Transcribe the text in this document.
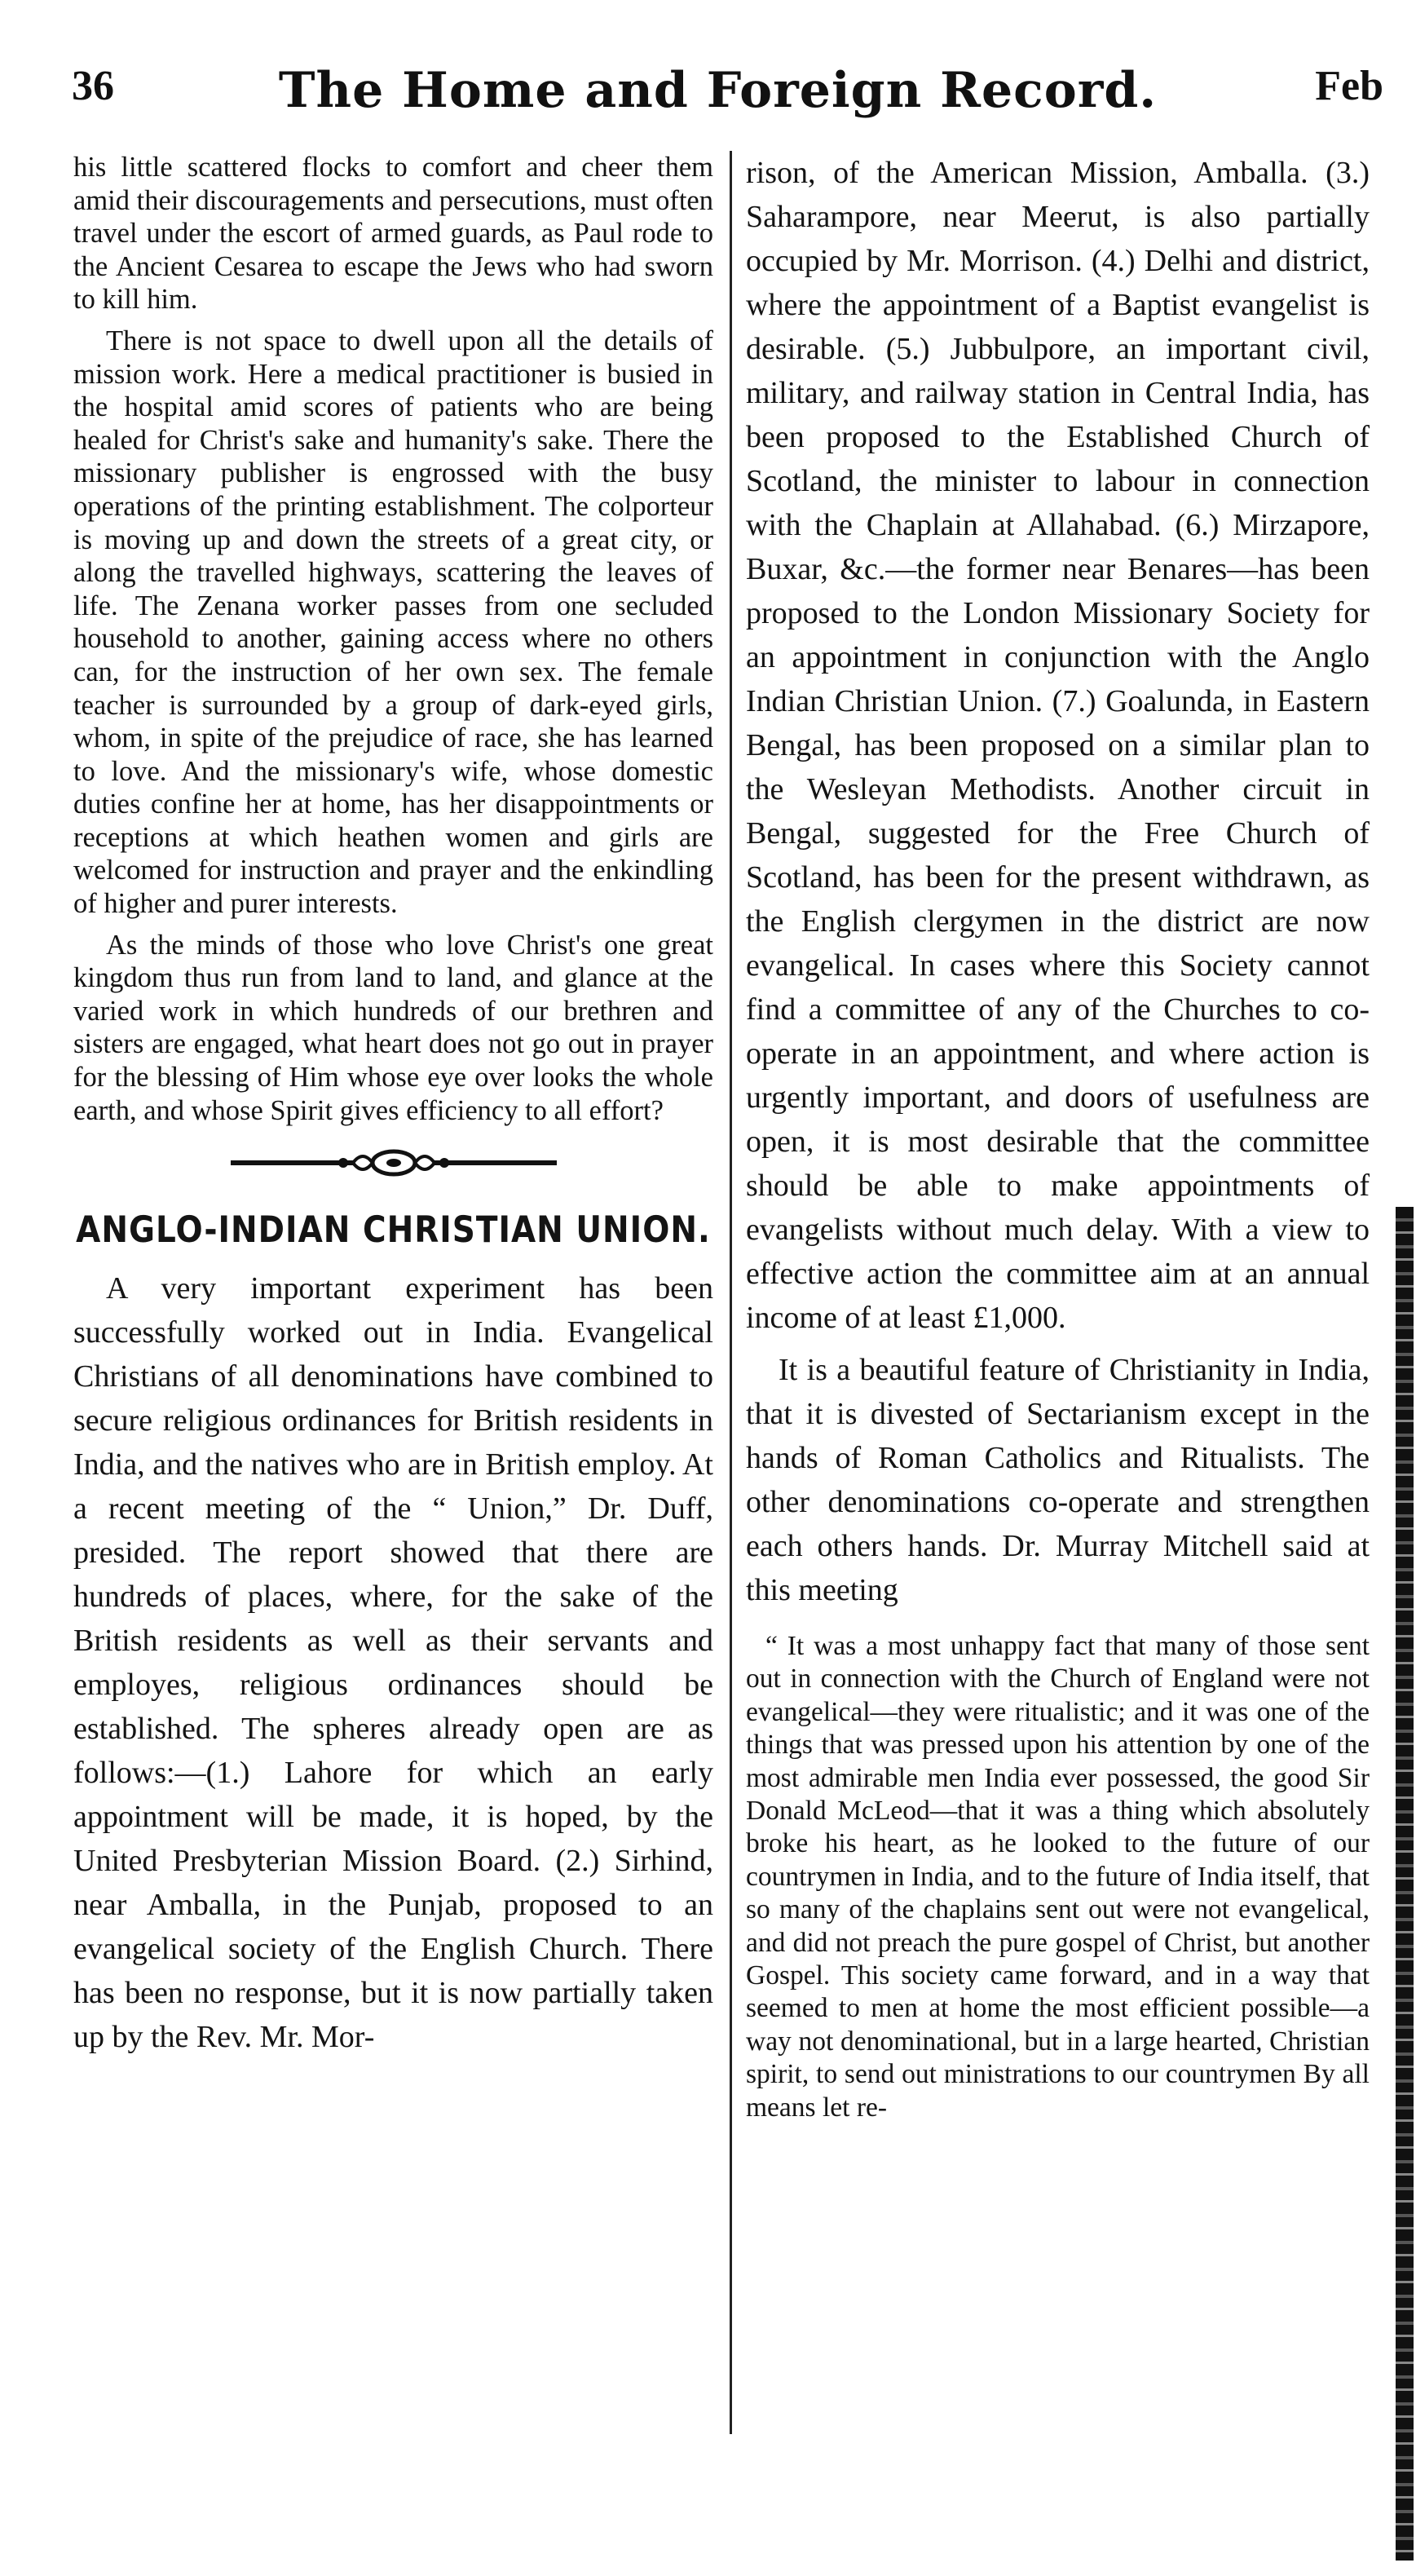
36	The Home and Foreign Record.	Feb

his little scattered flocks to comfort and cheer them amid their discouragements and persecutions, must often travel under the escort of armed guards, as Paul rode to the Ancient Cesarea to escape the Jews who had sworn to kill him.

There is not space to dwell upon all the details of mission work. Here a medical practitioner is busied in the hospital amid scores of patients who are being healed for Christ's sake and humanity's sake. There the missionary publisher is engrossed with the busy operations of the printing establishment. The colporteur is moving up and down the streets of a great city, or along the travelled highways, scattering the leaves of life. The Zenana worker passes from one secluded household to another, gaining access where no others can, for the instruction of her own sex. The female teacher is surrounded by a group of dark-eyed girls, whom, in spite of the prejudice of race, she has learned to love. And the missionary's wife, whose domestic duties confine her at home, has her disappointments or receptions at which heathen women and girls are welcomed for instruction and prayer and the enkindling of higher and purer interests.

As the minds of those who love Christ's one great kingdom thus run from land to land, and glance at the varied work in which hundreds of our brethren and sisters are engaged, what heart does not go out in prayer for the blessing of Him whose eye over looks the whole earth, and whose Spirit gives efficiency to all effort?

ANGLO-INDIAN CHRISTIAN UNION.

A very important experiment has been successfully worked out in India. Evangelical Christians of all denominations have combined to secure religious ordinances for British residents in India, and the natives who are in British employ. At a recent meeting of the “ Union,” Dr. Duff, presided. The report showed that there are hundreds of places, where, for the sake of the British residents as well as their servants and employes, religious ordinances should be established. The spheres already open are as follows:—(1.) Lahore for which an early appointment will be made, it is hoped, by the United Presbyterian Mission Board. (2.) Sirhind, near Amballa, in the Punjab, proposed to an evangelical society of the English Church. There has been no response, but it is now partially taken up by the Rev. Mr. Mor-

rison, of the American Mission, Amballa. (3.) Saharampore, near Meerut, is also partially occupied by Mr. Morrison. (4.) Delhi and district, where the appointment of a Baptist evangelist is desirable. (5.) Jubbulpore, an important civil, military, and railway station in Central India, has been proposed to the Established Church of Scotland, the minister to labour in connection with the Chaplain at Allahabad. (6.) Mirzapore, Buxar, &c.—the former near Benares—has been proposed to the London Missionary Society for an appointment in conjunction with the Anglo Indian Christian Union. (7.) Goalunda, in Eastern Bengal, has been proposed on a similar plan to the Wesleyan Methodists. Another circuit in Bengal, suggested for the Free Church of Scotland, has been for the present withdrawn, as the English clergymen in the district are now evangelical. In cases where this Society cannot find a committee of any of the Churches to co-operate in an appointment, and where action is urgently important, and doors of usefulness are open, it is most desirable that the committee should be able to make appointments of evangelists without much delay. With a view to effective action the committee aim at an annual income of at least £1,000.

It is a beautiful feature of Christianity in India, that it is divested of Sectarianism except in the hands of Roman Catholics and Ritualists. The other denominations co-operate and strengthen each others hands. Dr. Murray Mitchell said at this meeting

“ It was a most unhappy fact that many of those sent out in connection with the Church of England were not evangelical—they were ritualistic; and it was one of the things that was pressed upon his attention by one of the most admirable men India ever possessed, the good Sir Donald McLeod—that it was a thing which absolutely broke his heart, as he looked to the future of our countrymen in India, and to the future of India itself, that so many of the chaplains sent out were not evangelical, and did not preach the pure gospel of Christ, but another Gospel. This society came forward, and in a way that seemed to men at home the most efficient possible—a way not denominational, but in a large hearted, Christian spirit, to send out ministrations to our countrymen By all means let re-
